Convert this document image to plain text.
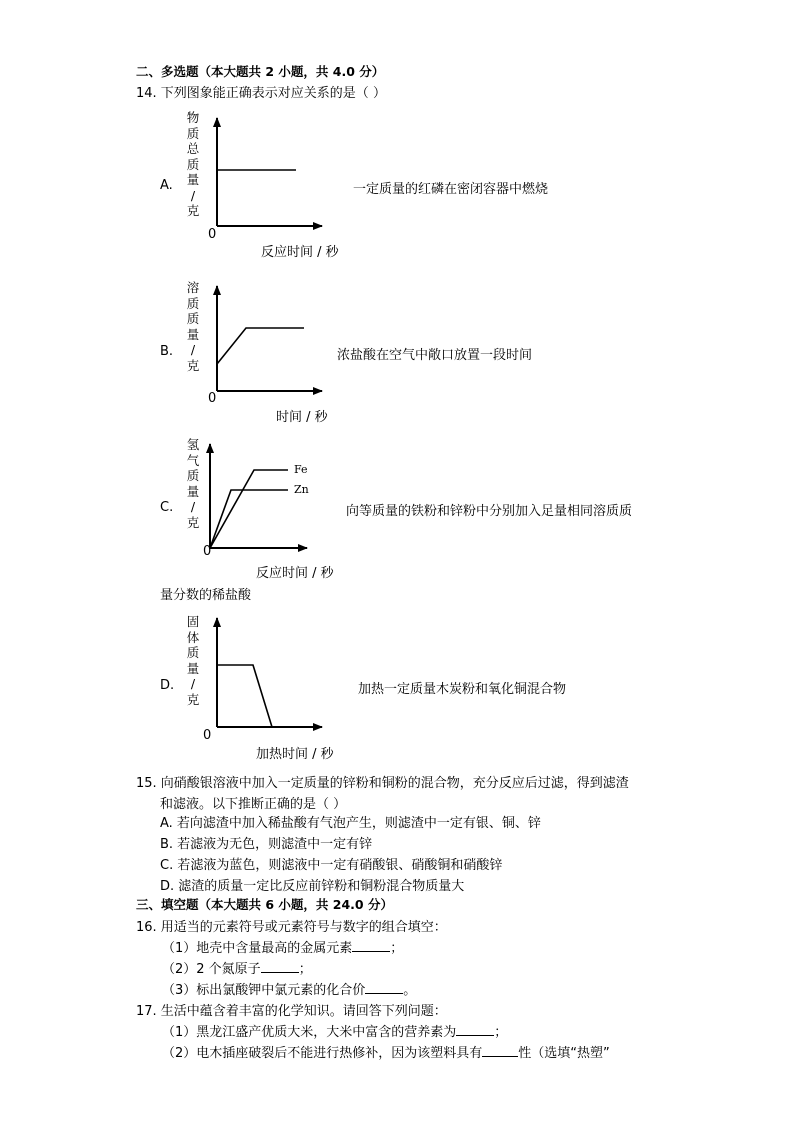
二、多选题（本大题共 2 小题，共 4.0 分）
14. 下列图象能正确表示对应关系的是（ ）
A.
物
质
总
质
量
/
克
0
反应时间 / 秒
一定质量的红磷在密闭容器中燃烧
B.
溶
质
质
量
/
克
0
时间 / 秒
浓盐酸在空气中敞口放置一段时间
C.
氢
气
质
量
/
克
Fe
Zn
0
反应时间 / 秒
向等质量的铁粉和锌粉中分别加入足量相同溶质质
量分数的稀盐酸
D.
固
体
质
量
/
克
0
加热时间 / 秒
加热一定质量木炭粉和氧化铜混合物
15. 向硝酸银溶液中加入一定质量的锌粉和铜粉的混合物，充分反应后过滤，得到滤渣
和滤液。以下推断正确的是（ ）
A. 若向滤渣中加入稀盐酸有气泡产生，则滤渣中一定有银、铜、锌
B. 若滤液为无色，则滤渣中一定有锌
C. 若滤液为蓝色，则滤液中一定有硝酸银、硝酸铜和硝酸锌
D. 滤渣的质量一定比反应前锌粉和铜粉混合物质量大
三、填空题（本大题共 6 小题，共 24.0 分）
16. 用适当的元素符号或元素符号与数字的组合填空：
（1）地壳中含量最高的金属元素	；
（2）2 个氮原子	；
（3）标出氯酸钾中氯元素的化合价	。
17. 生活中蕴含着丰富的化学知识。请回答下列问题：
（1）黑龙江盛产优质大米，大米中富含的营养素为	；
（2）电木插座破裂后不能进行热修补，因为该塑料具有	性（选填“热塑”
